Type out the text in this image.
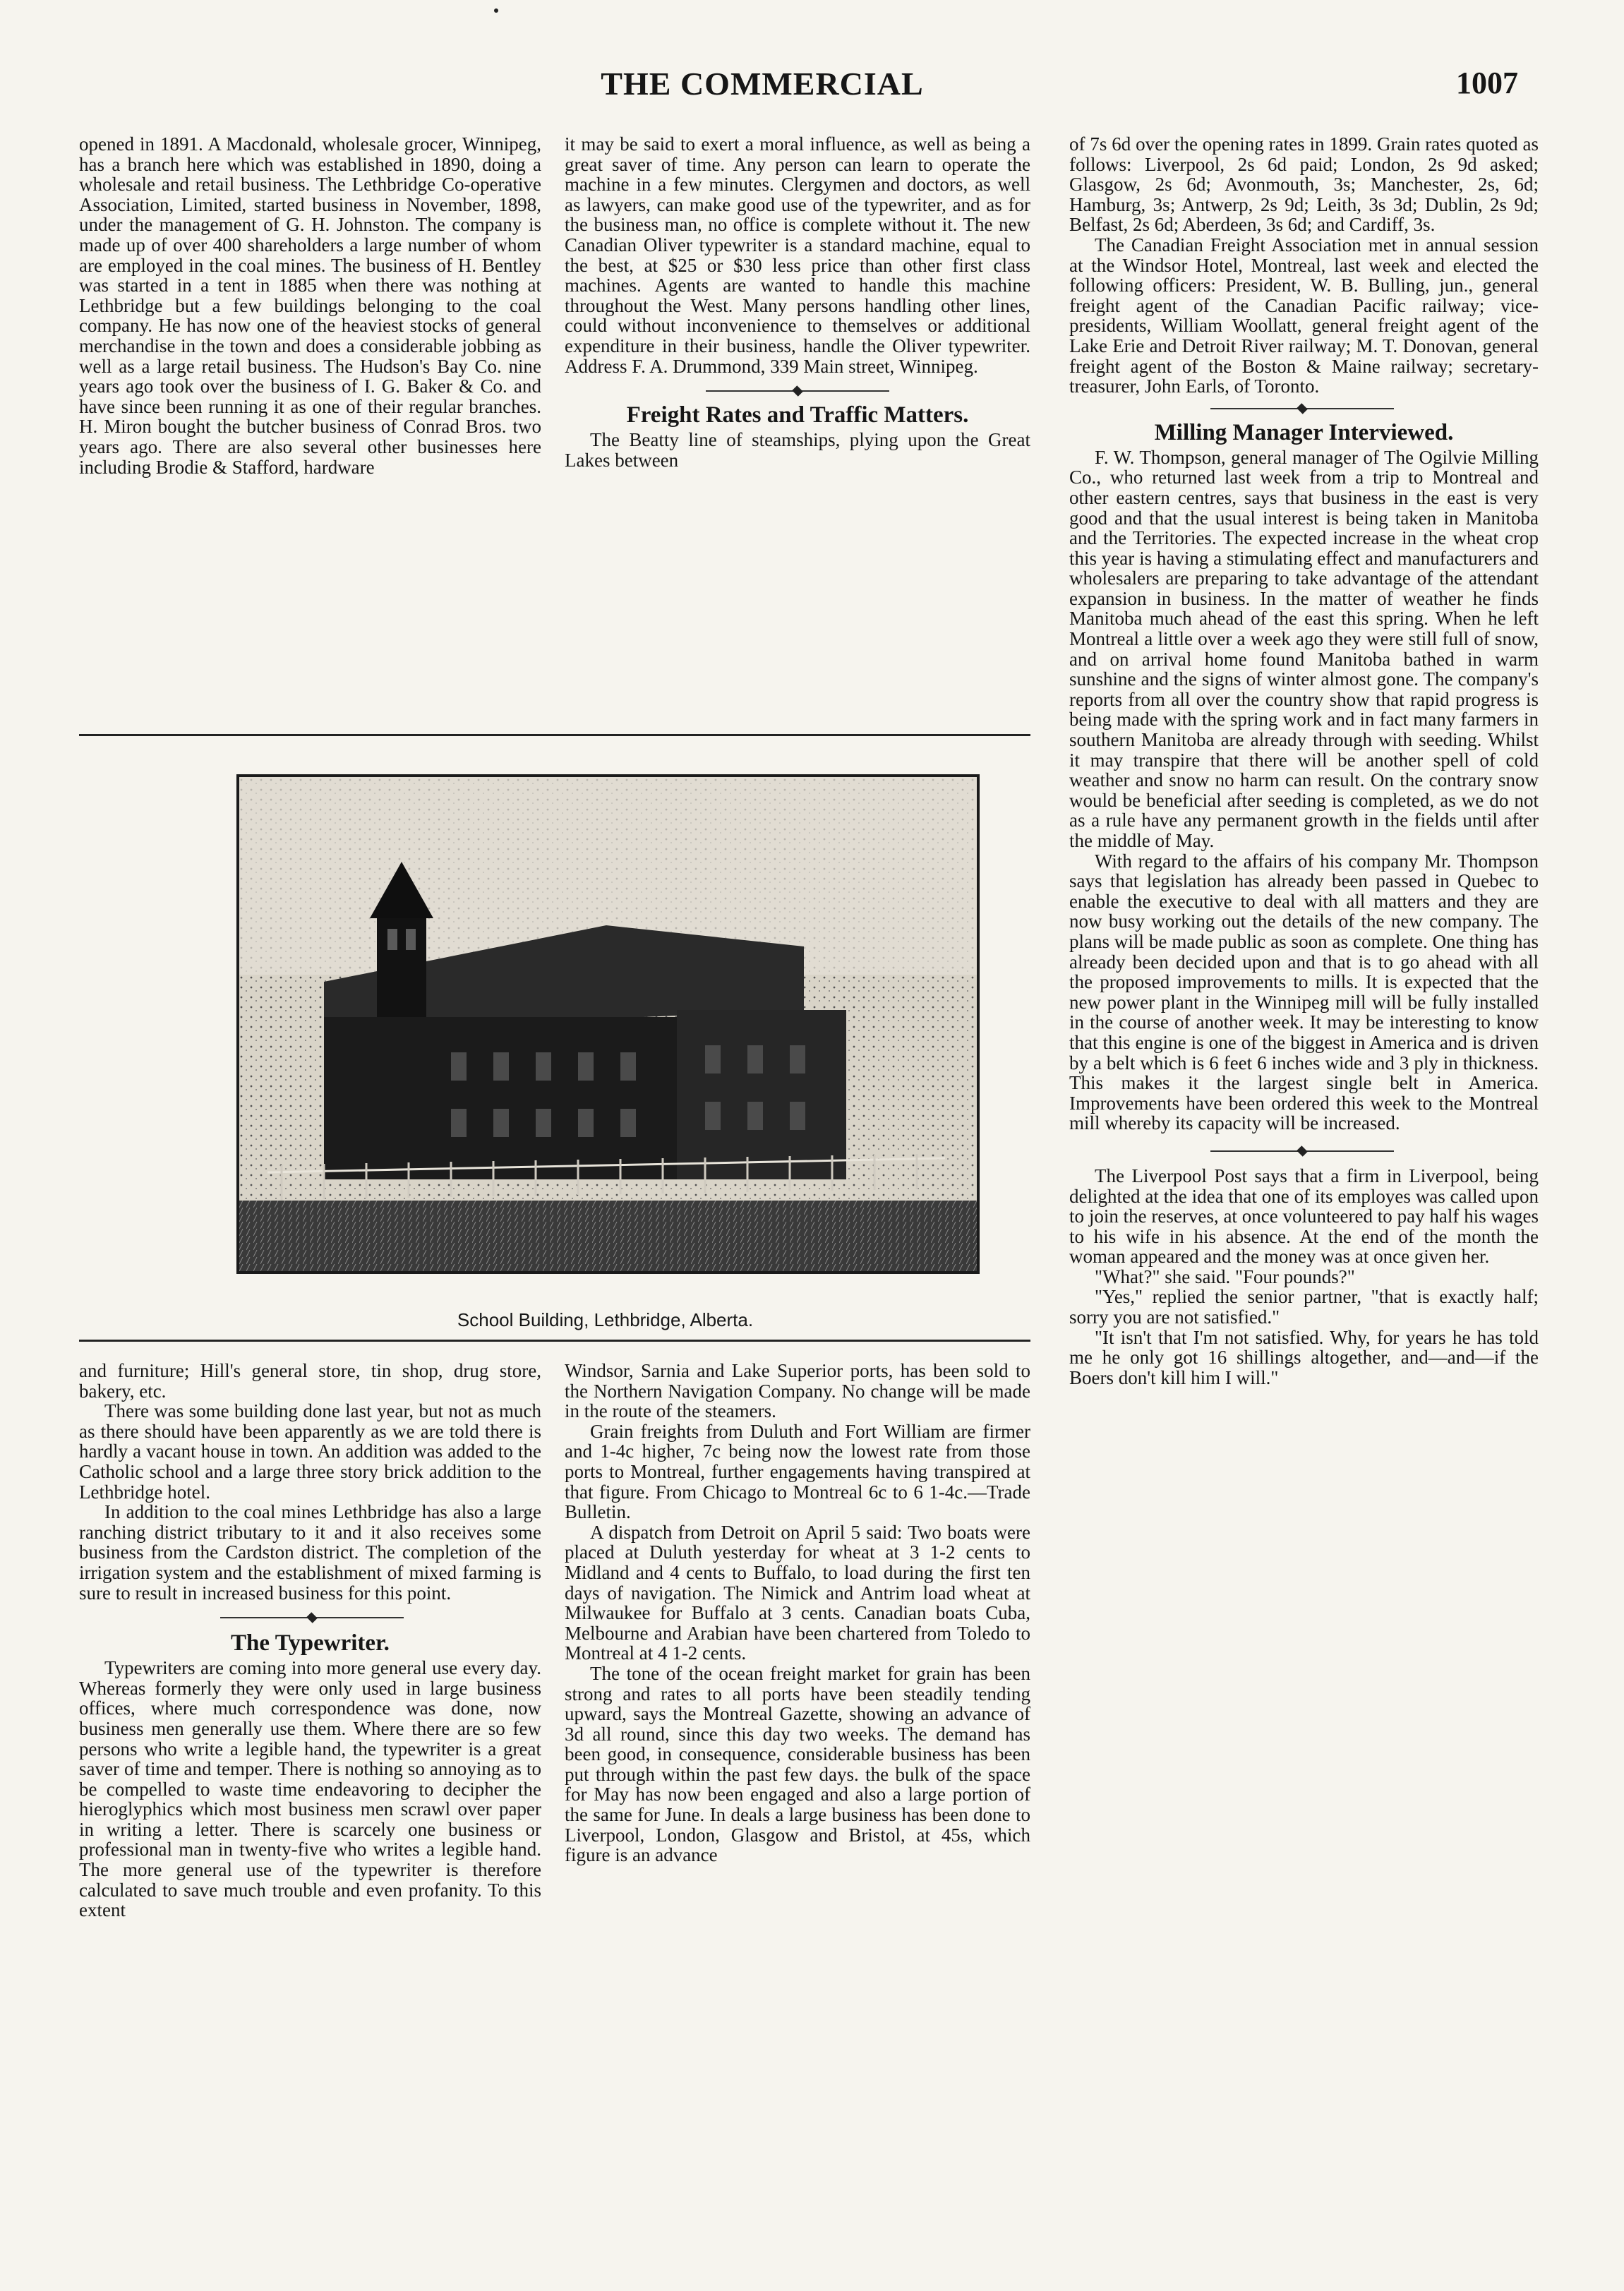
THE COMMERCIAL	1007

opened in 1891. A Macdonald, wholesale grocer, Winnipeg, has a branch here which was established in 1890, doing a wholesale and retail business. The Lethbridge Co-operative Association, Limited, started business in November, 1898, under the management of G. H. Johnston. The company is made up of over 400 shareholders a large number of whom are employed in the coal mines. The business of H. Bentley was started in a tent in 1885 when there was nothing at Lethbridge but a few buildings belonging to the coal company. He has now one of the heaviest stocks of general merchandise in the town and does a considerable jobbing as well as a large retail business. The Hudson's Bay Co. nine years ago took over the business of I. G. Baker & Co. and have since been running it as one of their regular branches. H. Miron bought the butcher business of Conrad Bros. two years ago. There are also several other businesses here including Brodie & Stafford, hardware

it may be said to exert a moral influence, as well as being a great saver of time. Any person can learn to operate the machine in a few minutes. Clergymen and doctors, as well as lawyers, can make good use of the typewriter, and as for the business man, no office is complete without it. The new Canadian Oliver typewriter is a standard machine, equal to the best, at $25 or $30 less price than other first class machines. Agents are wanted to handle this machine throughout the West. Many persons handling other lines, could without inconvenience to themselves or additional expenditure in their business, handle the Oliver typewriter. Address F. A. Drummond, 339 Main street, Winnipeg.

Freight Rates and Traffic Matters.

The Beatty line of steamships, plying upon the Great Lakes between

School Building, Lethbridge, Alberta.

and furniture; Hill's general store, tin shop, drug store, bakery, etc.

There was some building done last year, but not as much as there should have been apparently as we are told there is hardly a vacant house in town. An addition was added to the Catholic school and a large three story brick addition to the Lethbridge hotel.

In addition to the coal mines Lethbridge has also a large ranching district tributary to it and it also receives some business from the Cardston district. The completion of the irrigation system and the establishment of mixed farming is sure to result in increased business for this point.

The Typewriter.

Typewriters are coming into more general use every day. Whereas formerly they were only used in large business offices, where much correspondence was done, now business men generally use them. Where there are so few persons who write a legible hand, the typewriter is a great saver of time and temper. There is nothing so annoying as to be compelled to waste time endeavoring to decipher the hieroglyphics which most business men scrawl over paper in writing a letter. There is scarcely one business or professional man in twenty-five who writes a legible hand. The more general use of the typewriter is therefore calculated to save much trouble and even profanity. To this extent

Windsor, Sarnia and Lake Superior ports, has been sold to the Northern Navigation Company. No change will be made in the route of the steamers.

Grain freights from Duluth and Fort William are firmer and 1-4c higher, 7c being now the lowest rate from those ports to Montreal, further engagements having transpired at that figure. From Chicago to Montreal 6c to 6 1-4c.—Trade Bulletin.

A dispatch from Detroit on April 5 said: Two boats were placed at Duluth yesterday for wheat at 3 1-2 cents to Midland and 4 cents to Buffalo, to load during the first ten days of navigation. The Nimick and Antrim load wheat at Milwaukee for Buffalo at 3 cents. Canadian boats Cuba, Melbourne and Arabian have been chartered from Toledo to Montreal at 4 1-2 cents.

The tone of the ocean freight market for grain has been strong and rates to all ports have been steadily tending upward, says the Montreal Gazette, showing an advance of 3d all round, since this day two weeks. The demand has been good, in consequence, considerable business has been put through within the past few days. the bulk of the space for May has now been engaged and also a large portion of the same for June. In deals a large business has been done to Liverpool, London, Glasgow and Bristol, at 45s, which figure is an advance

of 7s 6d over the opening rates in 1899. Grain rates quoted as follows: Liverpool, 2s 6d paid; London, 2s 9d asked; Glasgow, 2s 6d; Avonmouth, 3s; Manchester, 2s, 6d; Hamburg, 3s; Antwerp, 2s 9d; Leith, 3s 3d; Dublin, 2s 9d; Belfast, 2s 6d; Aberdeen, 3s 6d; and Cardiff, 3s.

The Canadian Freight Association met in annual session at the Windsor Hotel, Montreal, last week and elected the following officers: President, W. B. Bulling, jun., general freight agent of the Canadian Pacific railway; vice-presidents, William Woollatt, general freight agent of the Lake Erie and Detroit River railway; M. T. Donovan, general freight agent of the Boston & Maine railway; secretary-treasurer, John Earls, of Toronto.

Milling Manager Interviewed.

F. W. Thompson, general manager of The Ogilvie Milling Co., who returned last week from a trip to Montreal and other eastern centres, says that business in the east is very good and that the usual interest is being taken in Manitoba and the Territories. The expected increase in the wheat crop this year is having a stimulating effect and manufacturers and wholesalers are preparing to take advantage of the attendant expansion in business. In the matter of weather he finds Manitoba much ahead of the east this spring. When he left Montreal a little over a week ago they were still full of snow, and on arrival home found Manitoba bathed in warm sunshine and the signs of winter almost gone. The company's reports from all over the country show that rapid progress is being made with the spring work and in fact many farmers in southern Manitoba are already through with seeding. Whilst it may transpire that there will be another spell of cold weather and snow no harm can result. On the contrary snow would be beneficial after seeding is completed, as we do not as a rule have any permanent growth in the fields until after the middle of May.

With regard to the affairs of his company Mr. Thompson says that legislation has already been passed in Quebec to enable the executive to deal with all matters and they are now busy working out the details of the new company. The plans will be made public as soon as complete. One thing has already been decided upon and that is to go ahead with all the proposed improvements to mills. It is expected that the new power plant in the Winnipeg mill will be fully installed in the course of another week. It may be interesting to know that this engine is one of the biggest in America and is driven by a belt which is 6 feet 6 inches wide and 3 ply in thickness. This makes it the largest single belt in America. Improvements have been ordered this week to the Montreal mill whereby its capacity will be increased.

The Liverpool Post says that a firm in Liverpool, being delighted at the idea that one of its employes was called upon to join the reserves, at once volunteered to pay half his wages to his wife in his absence. At the end of the month the woman appeared and the money was at once given her.

"What?" she said. "Four pounds?"

"Yes," replied the senior partner, "that is exactly half; sorry you are not satisfied."

"It isn't that I'm not satisfied. Why, for years he has told me he only got 16 shillings altogether, and—and—if the Boers don't kill him I will."
